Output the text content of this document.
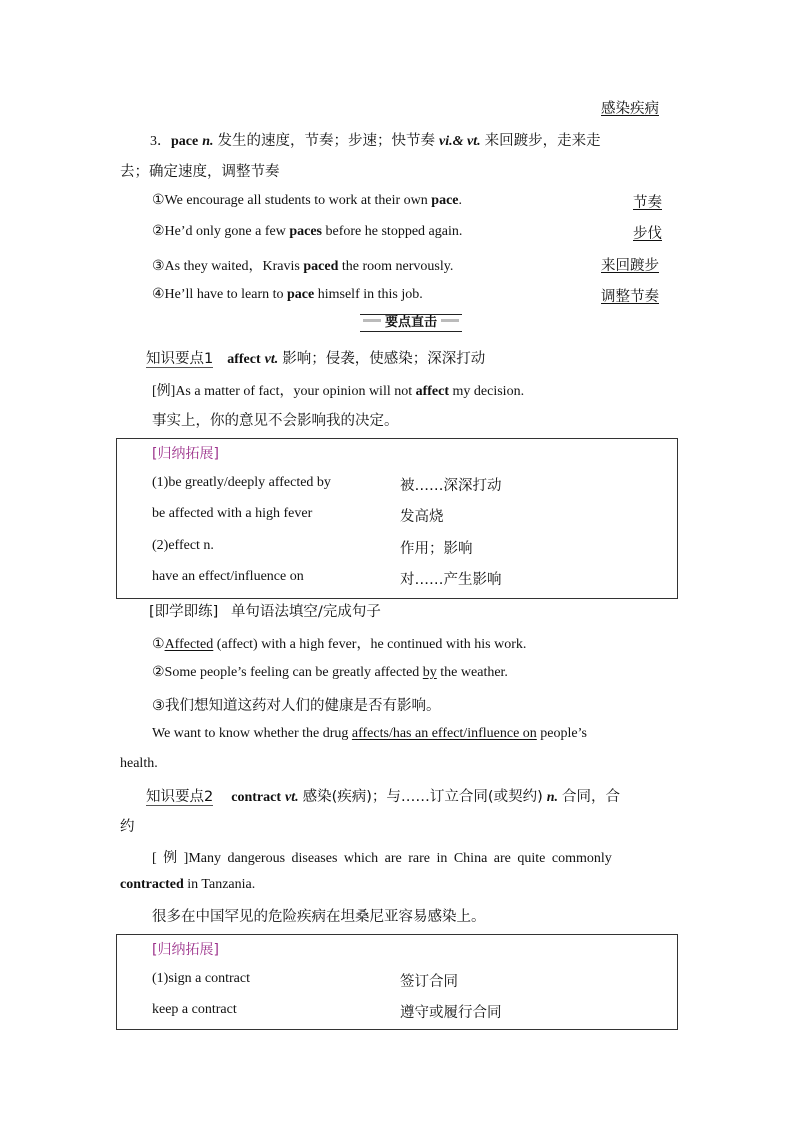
感染疾病
3．pace n. 发生的速度，节奏；步速；快节奏 vi.& vt. 来回踱步，走来走
去；确定速度，调整节奏
①We encourage all students to work at their own pace.	节奏
②He’d only gone a few paces before he stopped again.	步伐
③As they waited，Kravis paced the room nervously.	来回踱步
④He’ll have to learn to pace himself in this job.	调整节奏
要点直击
知识要点1 affect vt. 影响；侵袭，使感染；深深打动
[例]As a matter of fact，your opinion will not affect my decision.
事实上，你的意见不会影响我的决定。
[归纳拓展]
(1)be greatly/deeply affected by	被……深深打动
be affected with a high fever	发高烧
(2)effect n.	作用；影响
have an effect/influence on	对……产生影响
[即学即练] 单句语法填空/完成句子
①Affected (affect) with a high fever，he continued with his work.
②Some people’s feeling can be greatly affected by the weather.
③我们想知道这药对人们的健康是否有影响。
We want to know whether the drug affects/has an effect/influence on people’s
health.
知识要点2 contract vt. 感染(疾病)；与……订立合同(或契约) n. 合同，合
约
[ 例 ]Many dangerous diseases which are rare in China are quite commonly
contracted in Tanzania.
很多在中国罕见的危险疾病在坦桑尼亚容易感染上。
[归纳拓展]
(1)sign a contract	签订合同
keep a contract	遵守或履行合同
